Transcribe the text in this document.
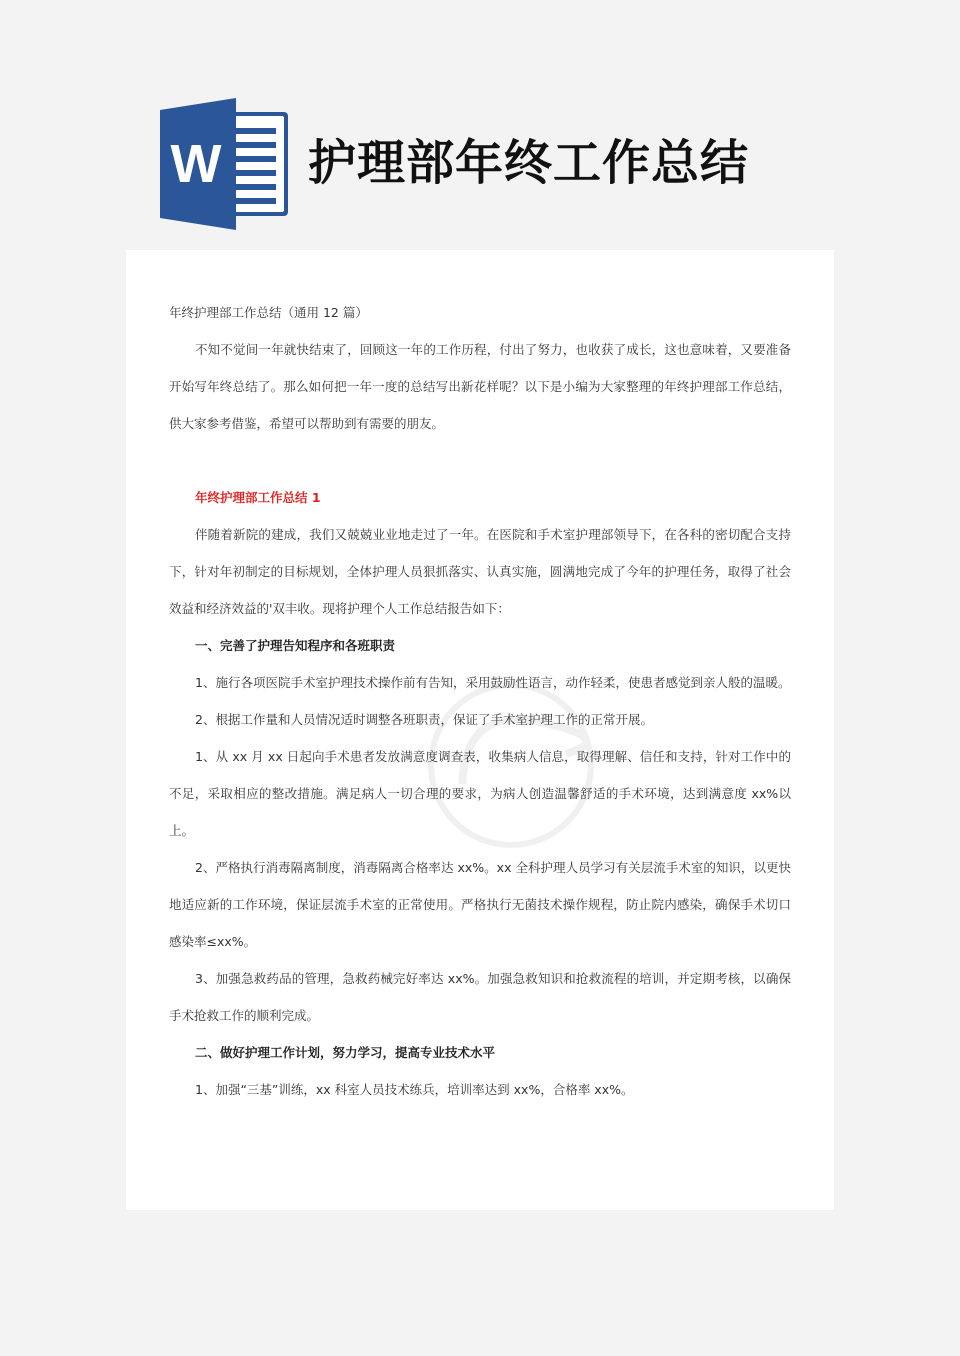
W 护理部年终工作总结

年终护理部工作总结（通用 12 篇）

不知不觉间一年就快结束了，回顾这一年的工作历程，付出了努力，也收获了成长，这也意味着，又要准备开始写年终总结了。那么如何把一年一度的总结写出新花样呢？以下是小编为大家整理的年终护理部工作总结，供大家参考借鉴，希望可以帮助到有需要的朋友。

年终护理部工作总结 1

伴随着新院的建成，我们又兢兢业业地走过了一年。在医院和手术室护理部领导下，在各科的密切配合支持下，针对年初制定的目标规划，全体护理人员狠抓落实、认真实施，圆满地完成了今年的护理任务，取得了社会效益和经济效益的'双丰收。现将护理个人工作总结报告如下：

一、完善了护理告知程序和各班职责

1、施行各项医院手术室护理技术操作前有告知，采用鼓励性语言，动作轻柔，使患者感觉到亲人般的温暖。

2、根据工作量和人员情况适时调整各班职责，保证了手术室护理工作的正常开展。

1、从 xx 月 xx 日起向手术患者发放满意度调查表，收集病人信息，取得理解、信任和支持，针对工作中的不足，采取相应的整改措施。满足病人一切合理的要求，为病人创造温馨舒适的手术环境，达到满意度 xx%以上。

2、严格执行消毒隔离制度，消毒隔离合格率达 xx%。xx 全科护理人员学习有关层流手术室的知识，以更快地适应新的工作环境，保证层流手术室的正常使用。严格执行无菌技术操作规程，防止院内感染，确保手术切口感染率≤xx%。

3、加强急救药品的管理，急救药械完好率达 xx%。加强急救知识和抢救流程的培训，并定期考核，以确保手术抢救工作的顺利完成。

二、做好护理工作计划，努力学习，提高专业技术水平

1、加强“三基”训练，xx 科室人员技术练兵，培训率达到 xx%，合格率 xx%。
